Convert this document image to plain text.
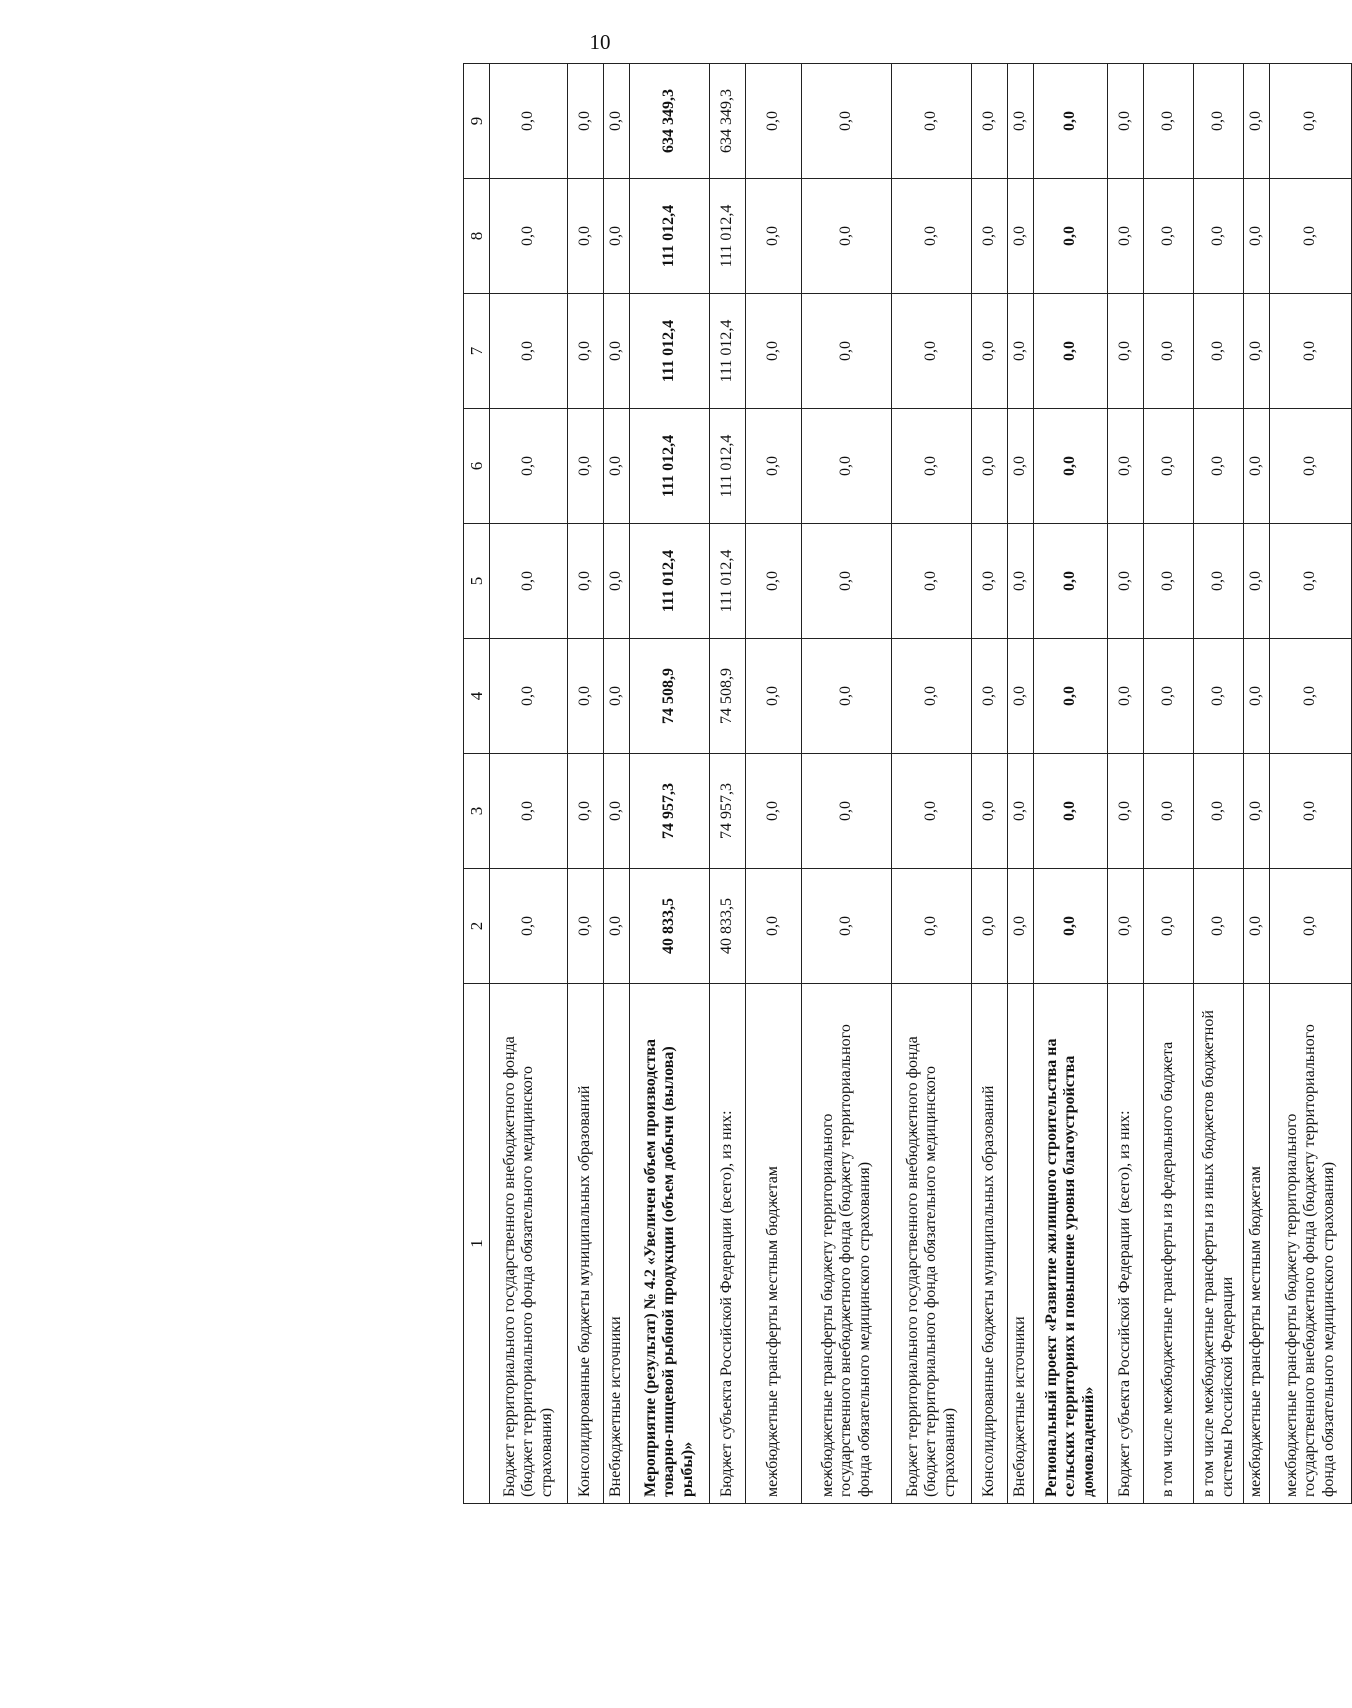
10
1	2	3	4	5	6	7	8	9
Бюджет территориального государственного внебюджетного фонда (бюджет территориального фонда обязательного медицинского страхования)	0,0	0,0	0,0	0,0	0,0	0,0	0,0	0,0
Консолидированные бюджеты муниципальных образований	0,0	0,0	0,0	0,0	0,0	0,0	0,0	0,0
Внебюджетные источники	0,0	0,0	0,0	0,0	0,0	0,0	0,0	0,0
Мероприятие (результат) № 4.2 «Увеличен объем производства товарно-пищевой рыбной продукции (объем добычи (вылова) рыбы)»	40 833,5	74 957,3	74 508,9	111 012,4	111 012,4	111 012,4	111 012,4	634 349,3
Бюджет субъекта Российской Федерации (всего), из них:	40 833,5	74 957,3	74 508,9	111 012,4	111 012,4	111 012,4	111 012,4	634 349,3
межбюджетные трансферты местным бюджетам	0,0	0,0	0,0	0,0	0,0	0,0	0,0	0,0
межбюджетные трансферты бюджету территориального государственного внебюджетного фонда (бюджету территориального фонда обязательного медицинского страхования)	0,0	0,0	0,0	0,0	0,0	0,0	0,0	0,0
Бюджет территориального государственного внебюджетного фонда (бюджет территориального фонда обязательного медицинского страхования)	0,0	0,0	0,0	0,0	0,0	0,0	0,0	0,0
Консолидированные бюджеты муниципальных образований	0,0	0,0	0,0	0,0	0,0	0,0	0,0	0,0
Внебюджетные источники	0,0	0,0	0,0	0,0	0,0	0,0	0,0	0,0
Региональный проект «Развитие жилищного строительства на сельских территориях и повышение уровня благоустройства домовладений»	0,0	0,0	0,0	0,0	0,0	0,0	0,0	0,0
Бюджет субъекта Российской Федерации (всего), из них:	0,0	0,0	0,0	0,0	0,0	0,0	0,0	0,0
в том числе межбюджетные трансферты из федерального бюджета	0,0	0,0	0,0	0,0	0,0	0,0	0,0	0,0
в том числе межбюджетные трансферты из иных бюджетов бюджетной системы Российской Федерации	0,0	0,0	0,0	0,0	0,0	0,0	0,0	0,0
межбюджетные трансферты местным бюджетам	0,0	0,0	0,0	0,0	0,0	0,0	0,0	0,0
межбюджетные трансферты бюджету территориального государственного внебюджетного фонда (бюджету территориального фонда обязательного медицинского страхования)	0,0	0,0	0,0	0,0	0,0	0,0	0,0	0,0
